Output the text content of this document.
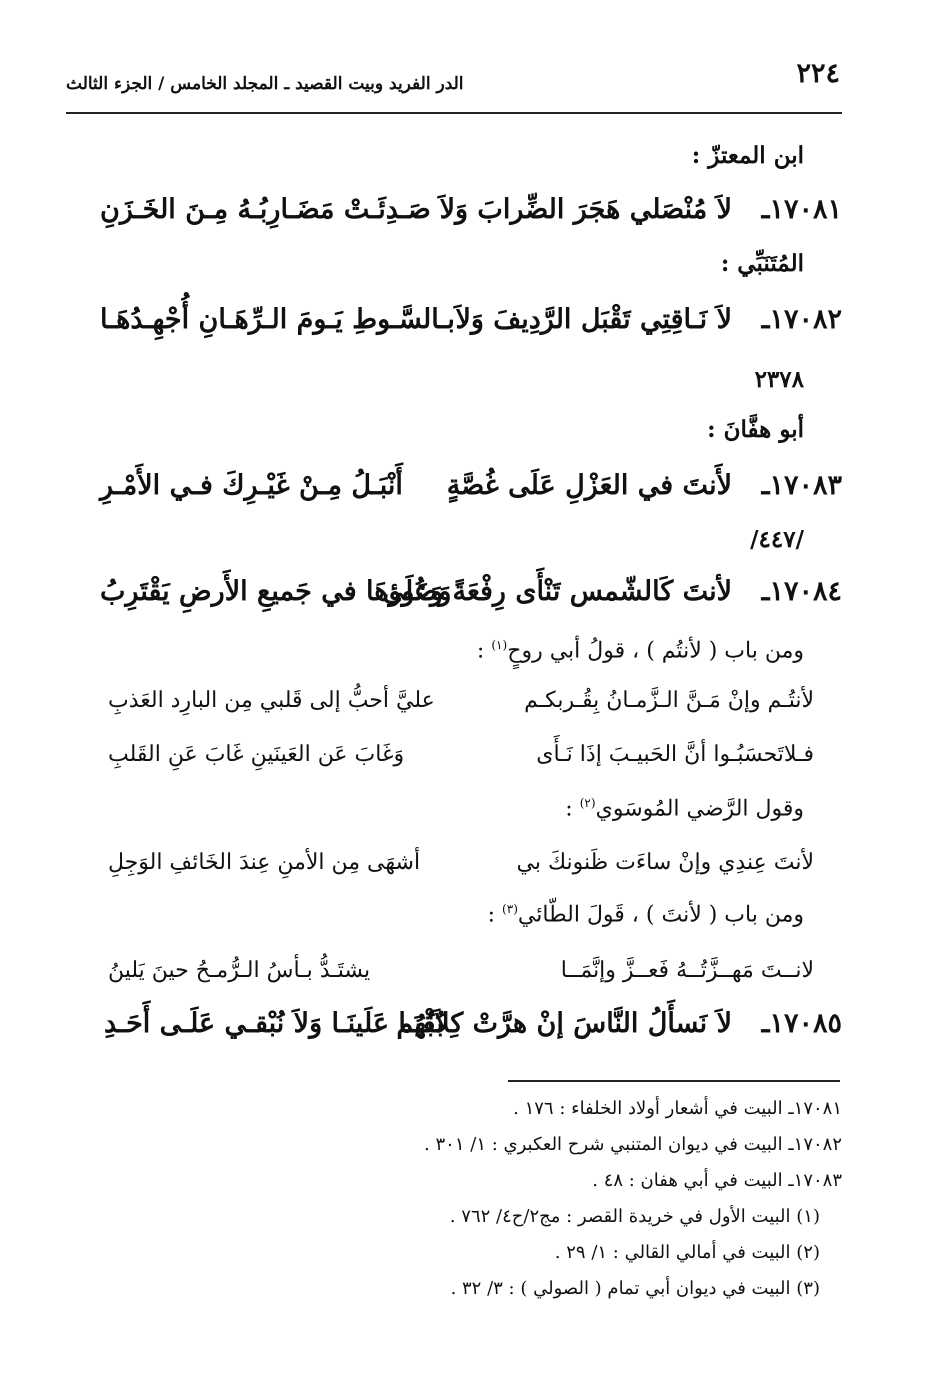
٢٢٤
الدر الفريد وبيت القصيد ـ المجلد الخامس / الجزء الثالث
ابن المعتزّ :
١٧٠٨١ـ
لاَ مُنْصَلي هَجَرَ الضِّرابَ وَلاَ
صَـدِئَـتْ مَضَـارِبُـهُ مِـنَ الخَـزَنِ
المُتَنَبِّي :
١٧٠٨٢ـ
لاَ نَـاقِتِي تَقْبَل الرَّدِيفَ وَلاَ
بـالسَّـوطِ يَـومَ الـرِّهَـانِ أُجْهِـدُهَـا
٢٣٧٨
أبو هفَّانَ :
١٧٠٨٣ـ
لأَنتَ في العَزْلِ عَلَى غُصَّةٍ
أَنْبَـلُ مِـنْ غَيْـرِكَ فـي الأَمْـرِ
/٤٤٧/
١٧٠٨٤ـ
لأنتَ كَالشّمس تَنْأَى رِفْعَةً وَعُلَى
وَضَوؤهَا في جَميعِ الأَرضِ يَقْتَرِبُ
ومن باب ( لأنتُم ) ، قولُ أبي روحٍ$^{(١)}$ :
لأنتُـم وإنْ مَـنَّ الـزَّمـانُ بِقُـربكـم
عليَّ أحبُّ إلى قَلبي مِن البارِد العَذبِ
فـلاتَحسَبُـوا أنَّ الحَبيـبَ إذَا نَـأَى
وَغَابَ عَن العَينَينِ غَابَ عَنِ القَلبِ
وقول الرَّضي المُوسَوي$^{(٢)}$ :
لأنتَ عِندِي وإنْ ساءَت ظَنونكَ بي
أشهَى مِن الأمنِ عِندَ الخَائفِ الوَجِلِ
ومن باب ( لأنتَ ) ، قَولَ الطّائي$^{(٣)}$ :
لانــتَ مَهــزَّتُــهُ فَعــزَّ وإنَّمَــا
يشتَـدُّ بـأسُ الـرُّمـحُ حينَ يَلينُ
١٧٠٨٥ـ
لاَ نَسأَلُ النَّاسَ إنْ هرَّتْ كِلاَبُهُم
بُقْيَـا عَلَينَـا وَلاَ نُبْقـي عَلَـى أَحَـدِ
١٧٠٨١ـ البيت في أشعار أولاد الخلفاء : ١٧٦ .
١٧٠٨٢ـ البيت في ديوان المتنبي شرح العكبري : ١/ ٣٠١ .
١٧٠٨٣ـ البيت في أبي هفان : ٤٨ .
(١) البيت الأول في خريدة القصر : مج٢/ح٤/ ٧٦٢ .
(٢) البيت في أمالي القالي : ١/ ٢٩ .
(٣) البيت في ديوان أبي تمام ( الصولي ) : ٣/ ٣٢ .
